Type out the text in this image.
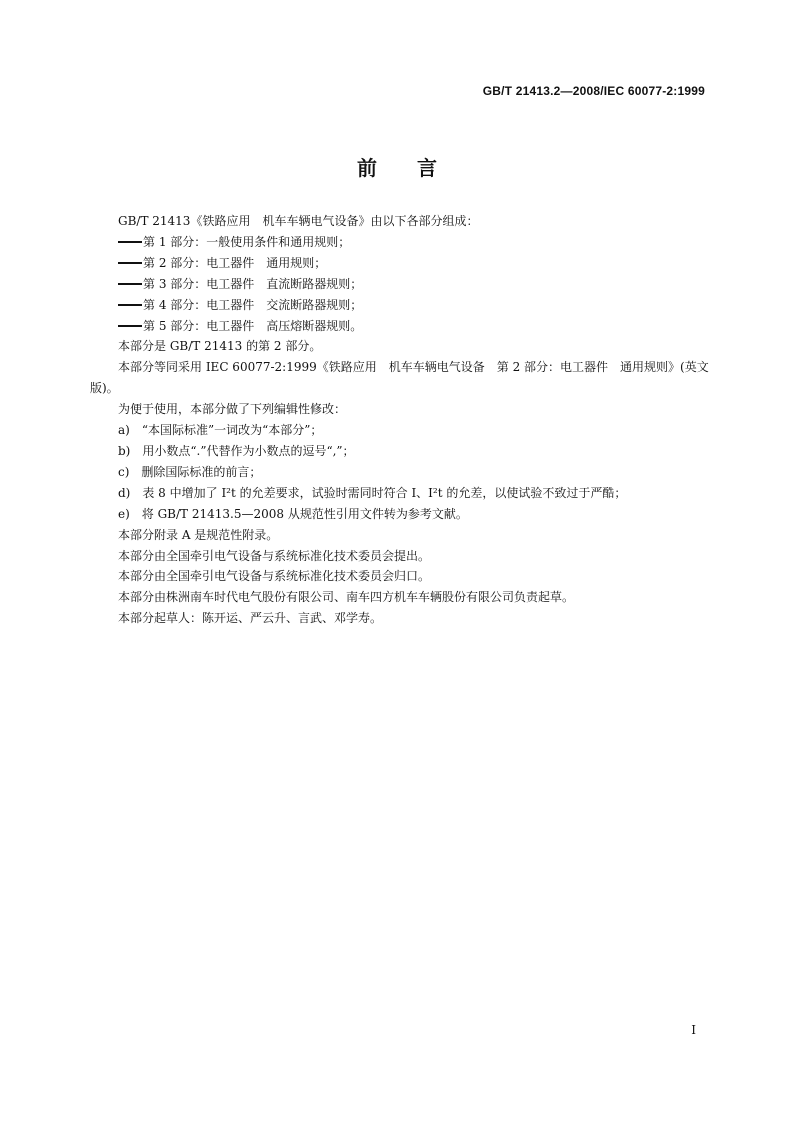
GB/T 21413.2—2008/IEC 60077-2:1999
前言
GB/T 21413《铁路应用　机车车辆电气设备》由以下各部分组成：
第 1 部分：一般使用条件和通用规则；
第 2 部分：电工器件　通用规则；
第 3 部分：电工器件　直流断路器规则；
第 4 部分：电工器件　交流断路器规则；
第 5 部分：电工器件　高压熔断器规则。
本部分是 GB/T 21413 的第 2 部分。
本部分等同采用 IEC 60077-2:1999《铁路应用　机车车辆电气设备　第 2 部分：电工器件　通用规则》(英文版)。
为便于使用，本部分做了下列编辑性修改：
a)　“本国际标准”一词改为“本部分”；
b)　用小数点“.”代替作为小数点的逗号“,”；
c)　删除国际标准的前言；
d)　表 8 中增加了 I²t 的允差要求，试验时需同时符合 I、I²t 的允差，以使试验不致过于严酷；
e)　将 GB/T 21413.5—2008 从规范性引用文件转为参考文献。
本部分附录 A 是规范性附录。
本部分由全国牵引电气设备与系统标准化技术委员会提出。
本部分由全国牵引电气设备与系统标准化技术委员会归口。
本部分由株洲南车时代电气股份有限公司、南车四方机车车辆股份有限公司负责起草。
本部分起草人：陈开运、严云升、言武、邓学寿。
I
